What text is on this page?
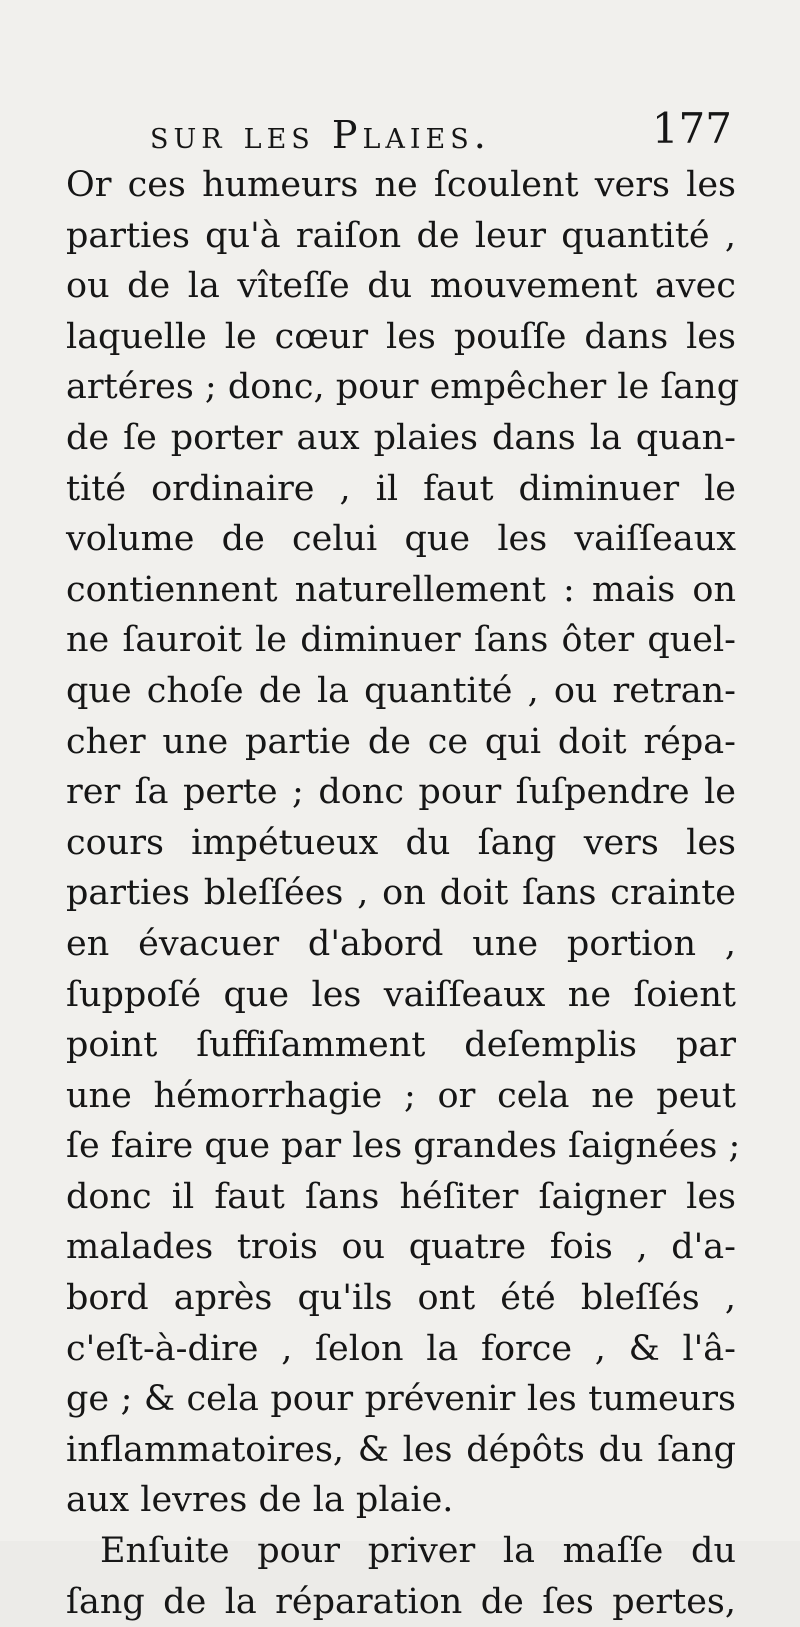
sur les Plaies.	177
Or ces humeurs ne ſcoulent vers les
parties qu'à raiſon de leur quantité ,
ou de la vîteſſe du mouvement avec
laquelle le cœur les pouſſe dans les
artéres ; donc, pour empêcher le ſang
de ſe porter aux plaies dans la quan-
tité ordinaire , il faut diminuer le
volume de celui que les vaiſſeaux
contiennent naturellement : mais on
ne ſauroit le diminuer ſans ôter quel-
que choſe de la quantité , ou retran-
cher une partie de ce qui doit répa-
rer ſa perte ; donc pour ſuſpendre le
cours impétueux du ſang vers les
parties bleſſées , on doit ſans crainte
en évacuer d'abord une portion ,
ſuppoſé que les vaiſſeaux ne ſoient
point ſuffiſamment deſemplis par
une hémorrhagie ; or cela ne peut
ſe faire que par les grandes ſaignées ;
donc il faut ſans héſiter ſaigner les
malades trois ou quatre fois , d'a-
bord après qu'ils ont été bleſſés ,
c'eſt-à-dire , ſelon la force , & l'â-
ge ; & cela pour prévenir les tumeurs
inflammatoires, & les dépôts du ſang
aux levres de la plaie.
Enſuite pour priver la maſſe du
ſang de la réparation de ſes pertes,
